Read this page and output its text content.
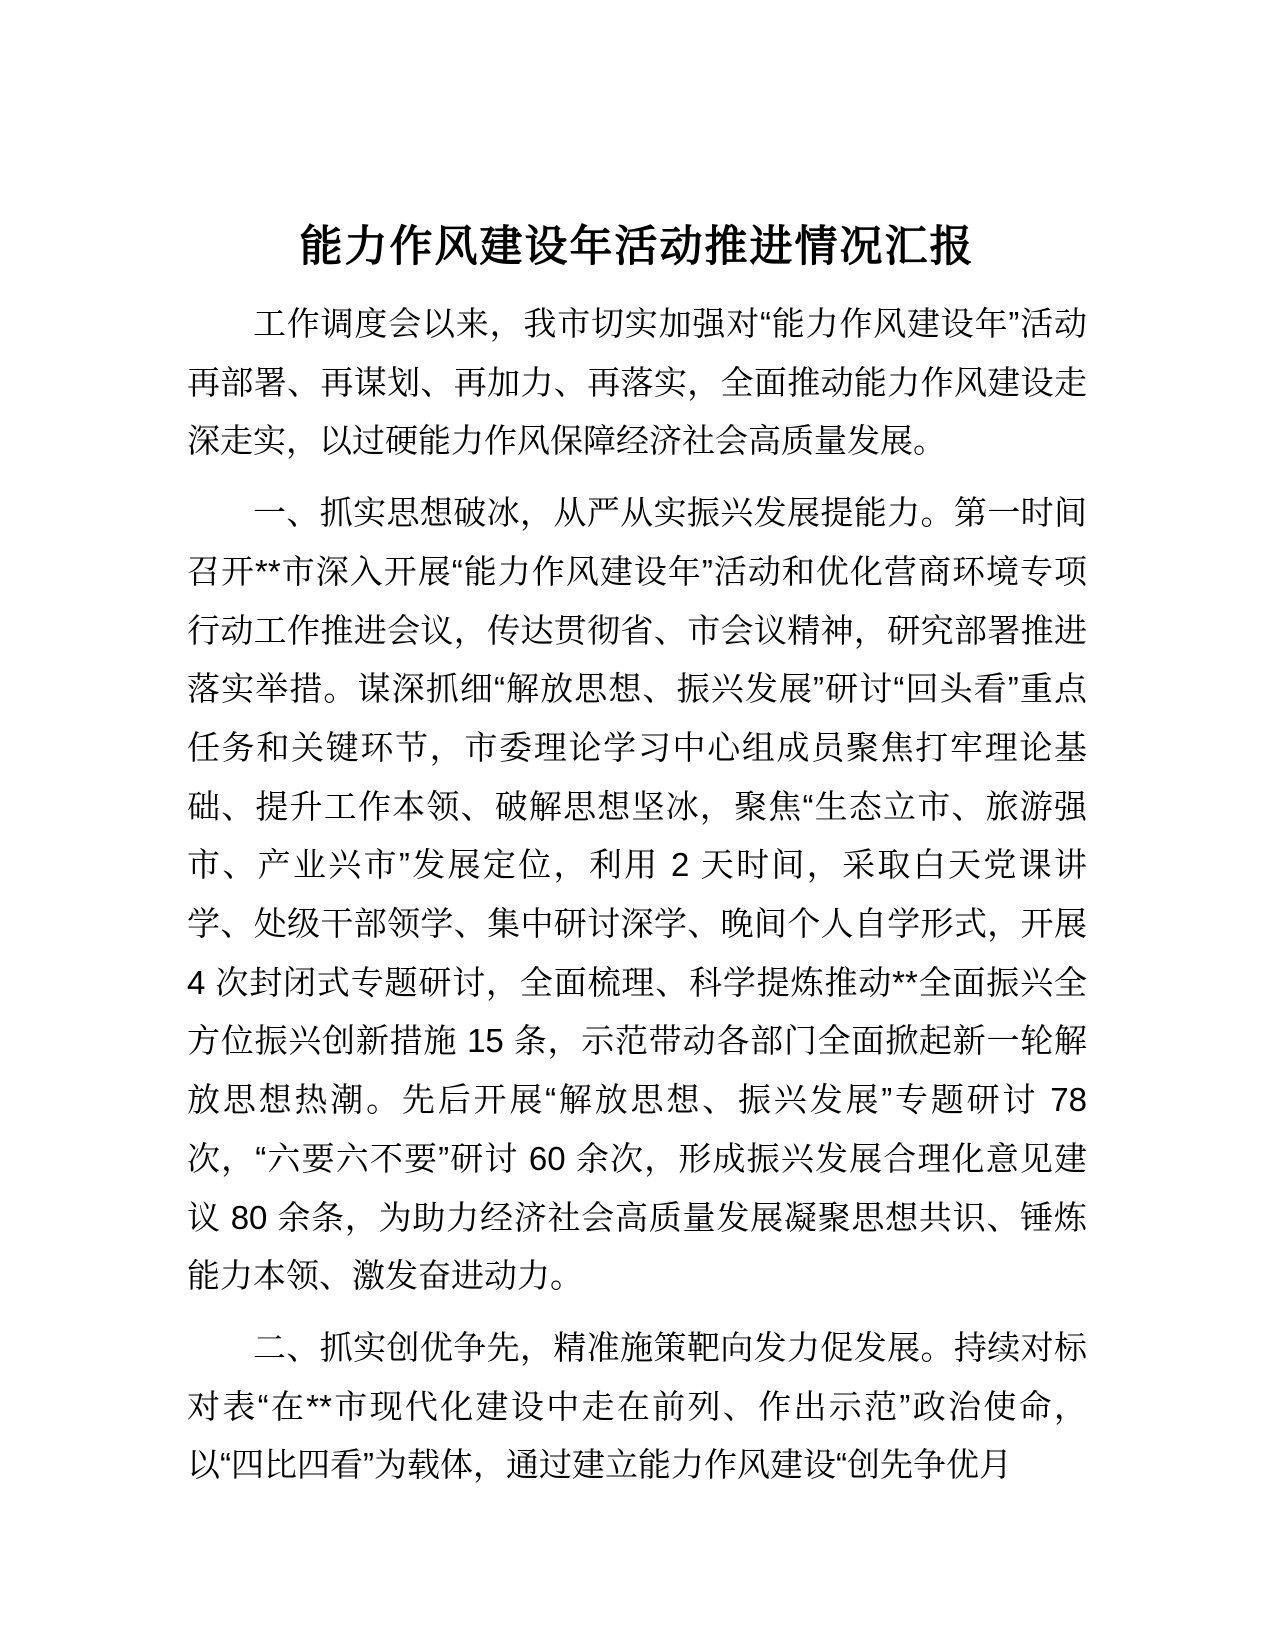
能力作风建设年活动推进情况汇报

工作调度会以来，我市切实加强对“能力作风建设年”活动再部署、再谋划、再加力、再落实，全面推动能力作风建设走深走实，以过硬能力作风保障经济社会高质量发展。

一、抓实思想破冰，从严从实振兴发展提能力。第一时间召开**市深入开展“能力作风建设年”活动和优化营商环境专项行动工作推进会议，传达贯彻省、市会议精神，研究部署推进落实举措。谋深抓细“解放思想、振兴发展”研讨“回头看”重点任务和关键环节，市委理论学习中心组成员聚焦打牢理论基础、提升工作本领、破解思想坚冰，聚焦“生态立市、旅游强市、产业兴市”发展定位，利用 2 天时间，采取白天党课讲学、处级干部领学、集中研讨深学、晚间个人自学形式，开展 4 次封闭式专题研讨，全面梳理、科学提炼推动**全面振兴全方位振兴创新措施 15 条，示范带动各部门全面掀起新一轮解放思想热潮。先后开展“解放思想、振兴发展”专题研讨 78 次，“六要六不要”研讨 60 余次，形成振兴发展合理化意见建议 80 余条，为助力经济社会高质量发展凝聚思想共识、锤炼能力本领、激发奋进动力。

二、抓实创优争先，精准施策靶向发力促发展。持续对标对表“在**市现代化建设中走在前列、作出示范”政治使命，以“四比四看”为载体，通过建立能力作风建设“创先争优月
